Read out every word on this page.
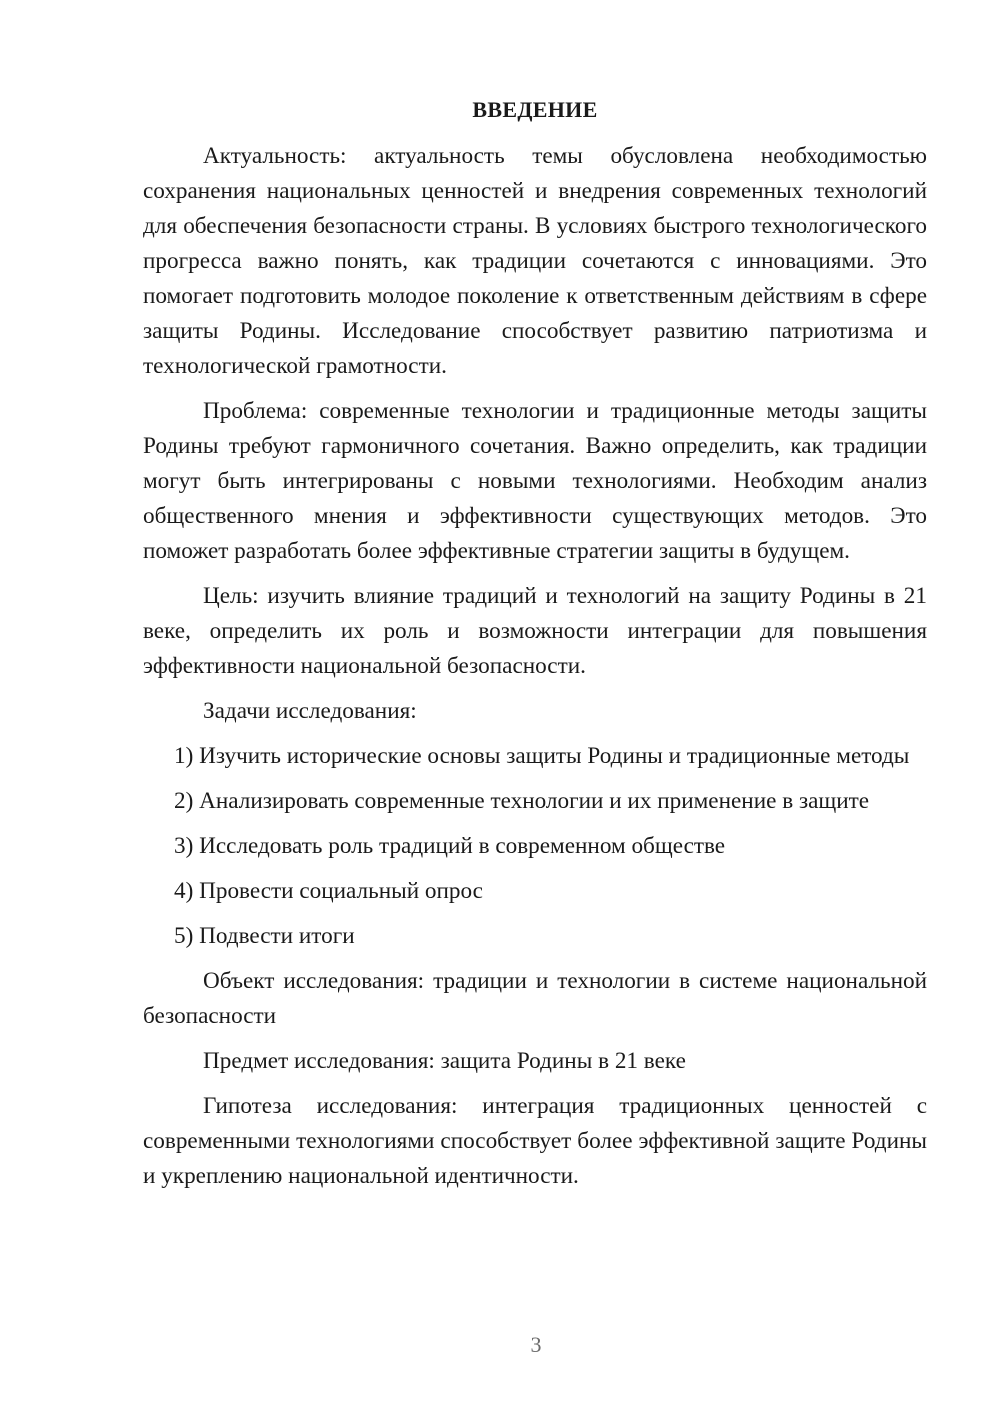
ВВЕДЕНИЕ

Актуальность: актуальность темы обусловлена необходимостью сохранения национальных ценностей и внедрения современных технологий для обеспечения безопасности страны. В условиях быстрого технологического прогресса важно понять, как традиции сочетаются с инновациями. Это помогает подготовить молодое поколение к ответственным действиям в сфере защиты Родины. Исследование способствует развитию патриотизма и технологической грамотности.

Проблема: современные технологии и традиционные методы защиты Родины требуют гармоничного сочетания. Важно определить, как традиции могут быть интегрированы с новыми технологиями. Необходим анализ общественного мнения и эффективности существующих методов. Это поможет разработать более эффективные стратегии защиты в будущем.

Цель: изучить влияние традиций и технологий на защиту Родины в 21 веке, определить их роль и возможности интеграции для повышения эффективности национальной безопасности.

Задачи исследования:

1) Изучить исторические основы защиты Родины и традиционные методы

2) Анализировать современные технологии и их применение в защите

3) Исследовать роль традиций в современном обществе

4) Провести социальный опрос

5) Подвести итоги

Объект исследования: традиции и технологии в системе национальной безопасности

Предмет исследования: защита Родины в 21 веке

Гипотеза исследования: интеграция традиционных ценностей с современными технологиями способствует более эффективной защите Родины и укреплению национальной идентичности.

3
